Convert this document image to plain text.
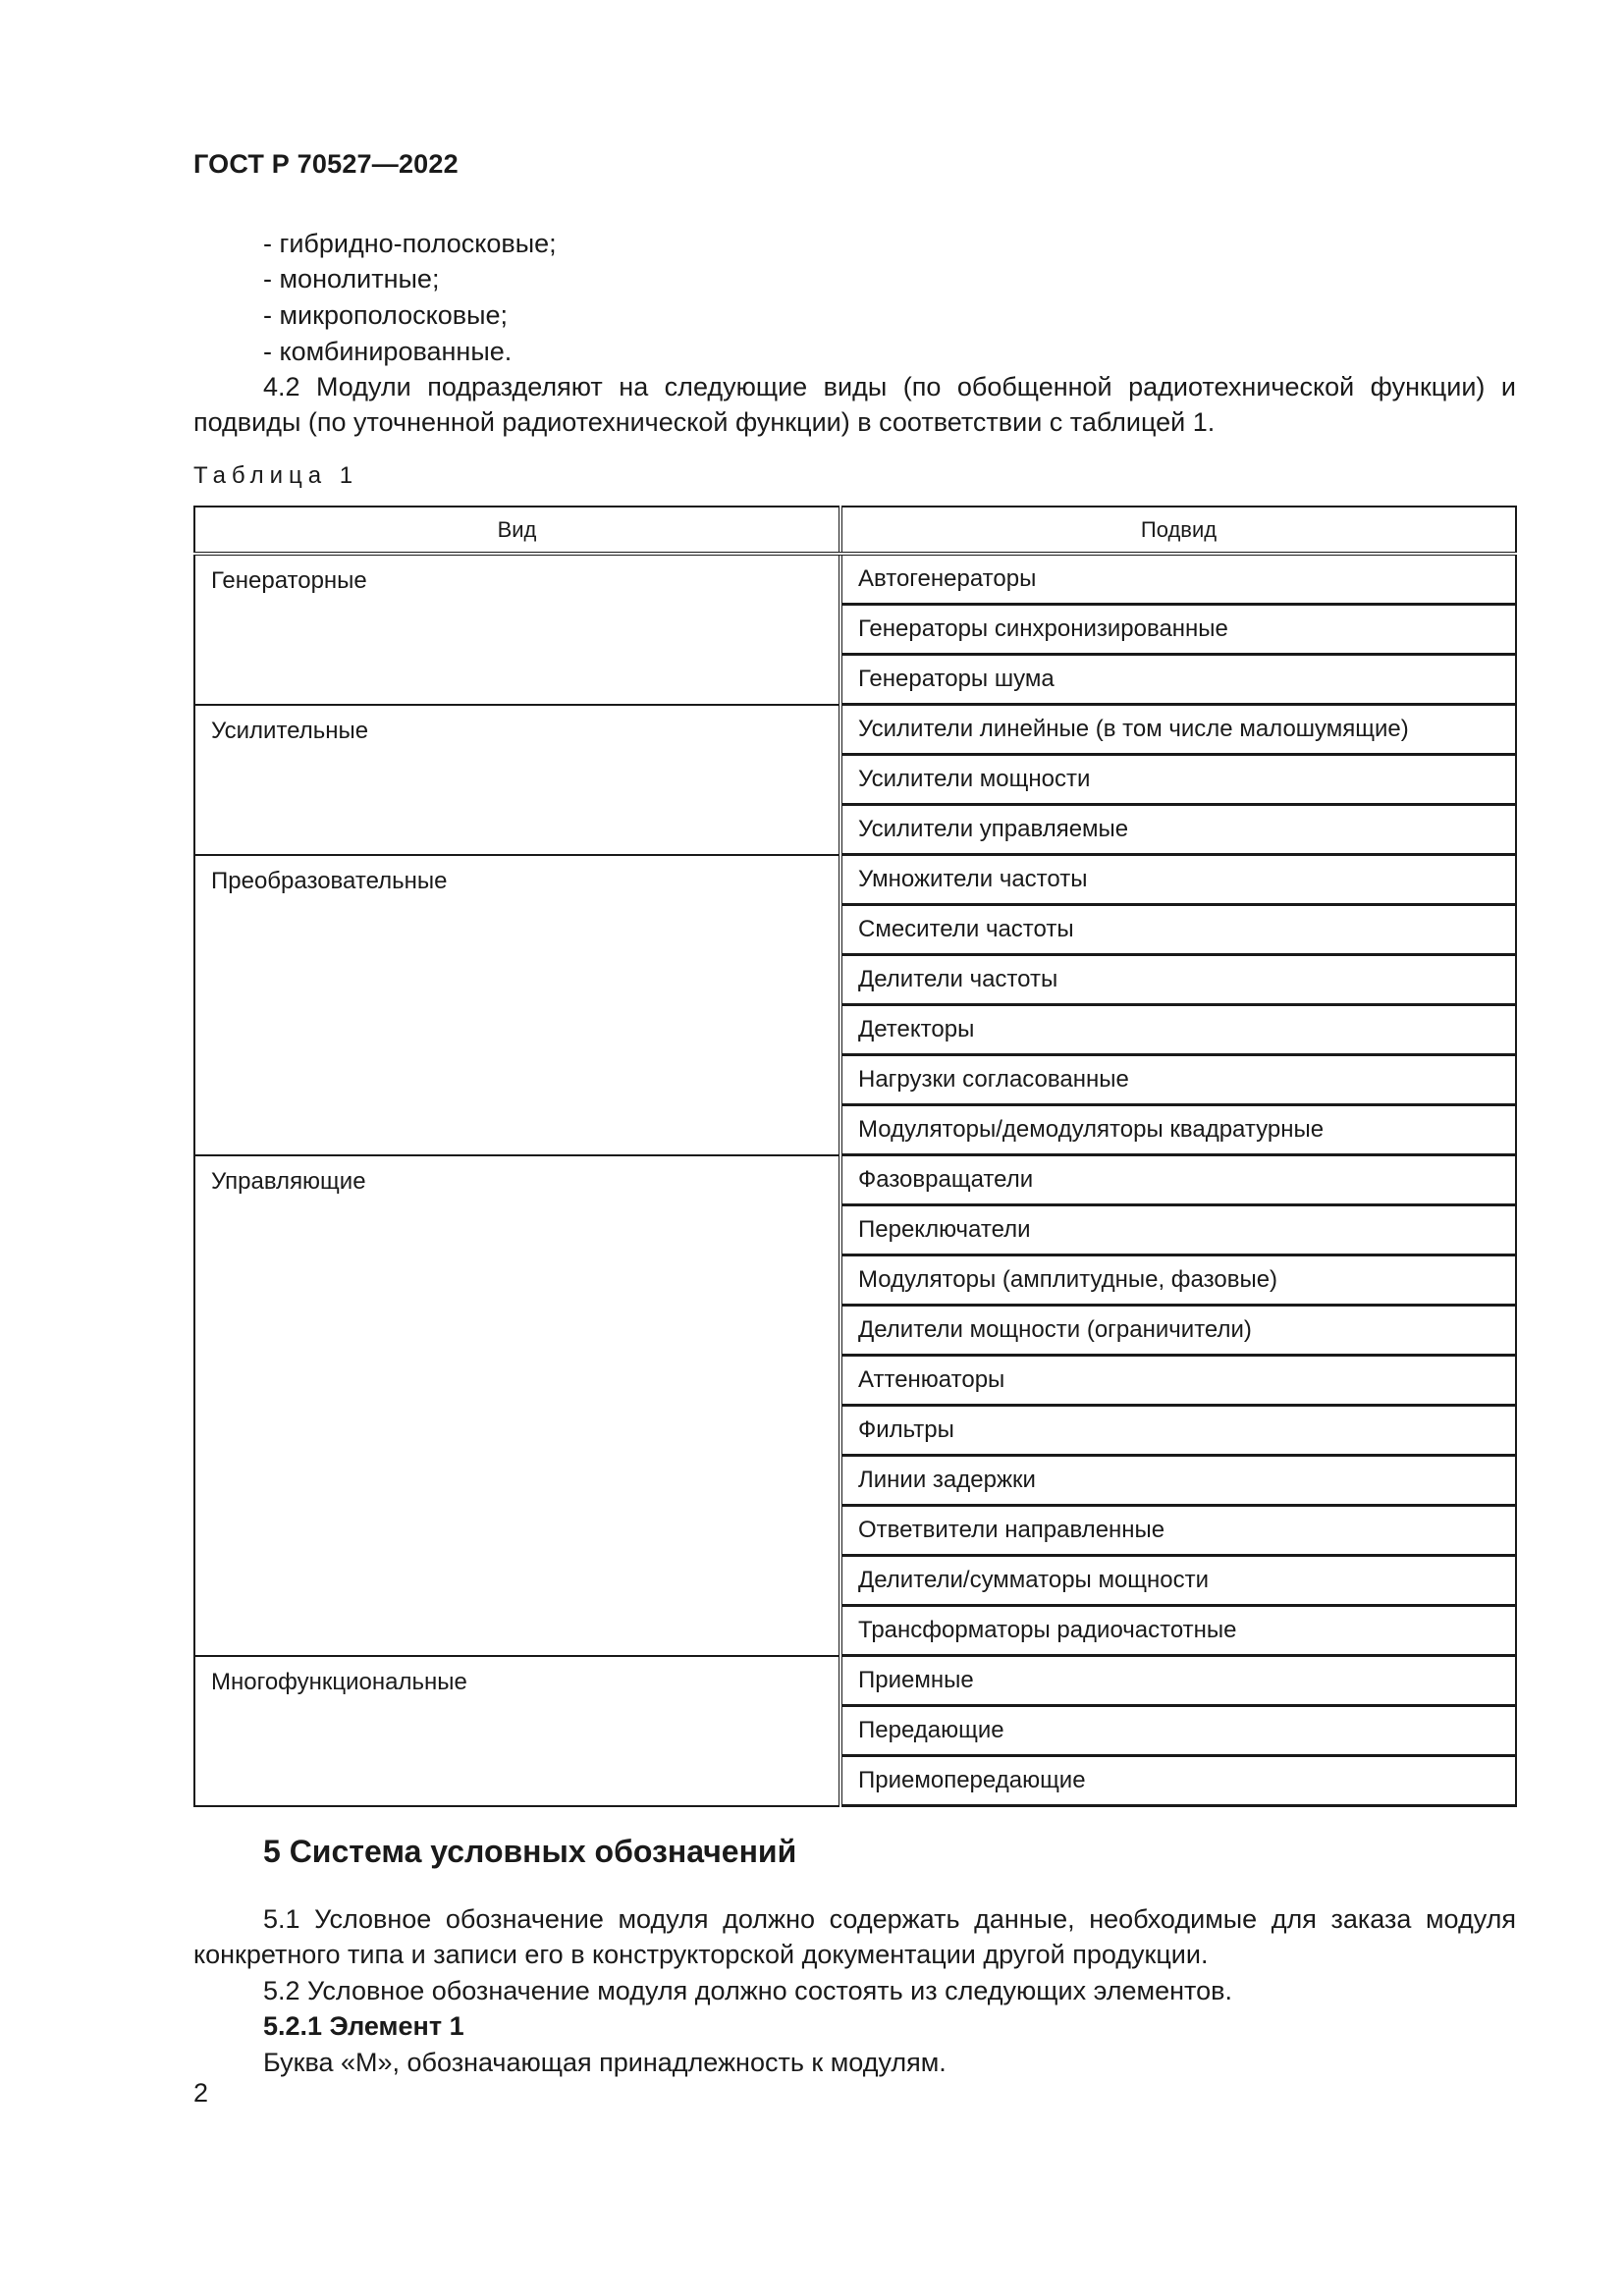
ГОСТ Р 70527—2022
- гибридно-полосковые;
- монолитные;
- микрополосковые;
- комбинированные.
4.2 Модули подразделяют на следующие виды (по обобщенной радиотехнической функции) и
подвиды (по уточненной радиотехнической функции) в соответствии с таблицей 1.
Таблица 1
Вид	Подвид
Генераторные	Автогенераторы
	Генераторы синхронизированные
	Генераторы шума
Усилительные	Усилители линейные (в том числе малошумящие)
	Усилители мощности
	Усилители управляемые
Преобразовательные	Умножители частоты
	Смесители частоты
	Делители частоты
	Детекторы
	Нагрузки согласованные
	Модуляторы/демодуляторы квадратурные
Управляющие	Фазовращатели
	Переключатели
	Модуляторы (амплитудные, фазовые)
	Делители мощности (ограничители)
	Аттенюаторы
	Фильтры
	Линии задержки
	Ответвители направленные
	Делители/сумматоры мощности
	Трансформаторы радиочастотные
Многофункциональные	Приемные
	Передающие
	Приемопередающие
5 Система условных обозначений
5.1 Условное обозначение модуля должно содержать данные, необходимые для заказа модуля
конкретного типа и записи его в конструкторской документации другой продукции.
5.2 Условное обозначение модуля должно состоять из следующих элементов.
5.2.1 Элемент 1
Буква «М», обозначающая принадлежность к модулям.
2
